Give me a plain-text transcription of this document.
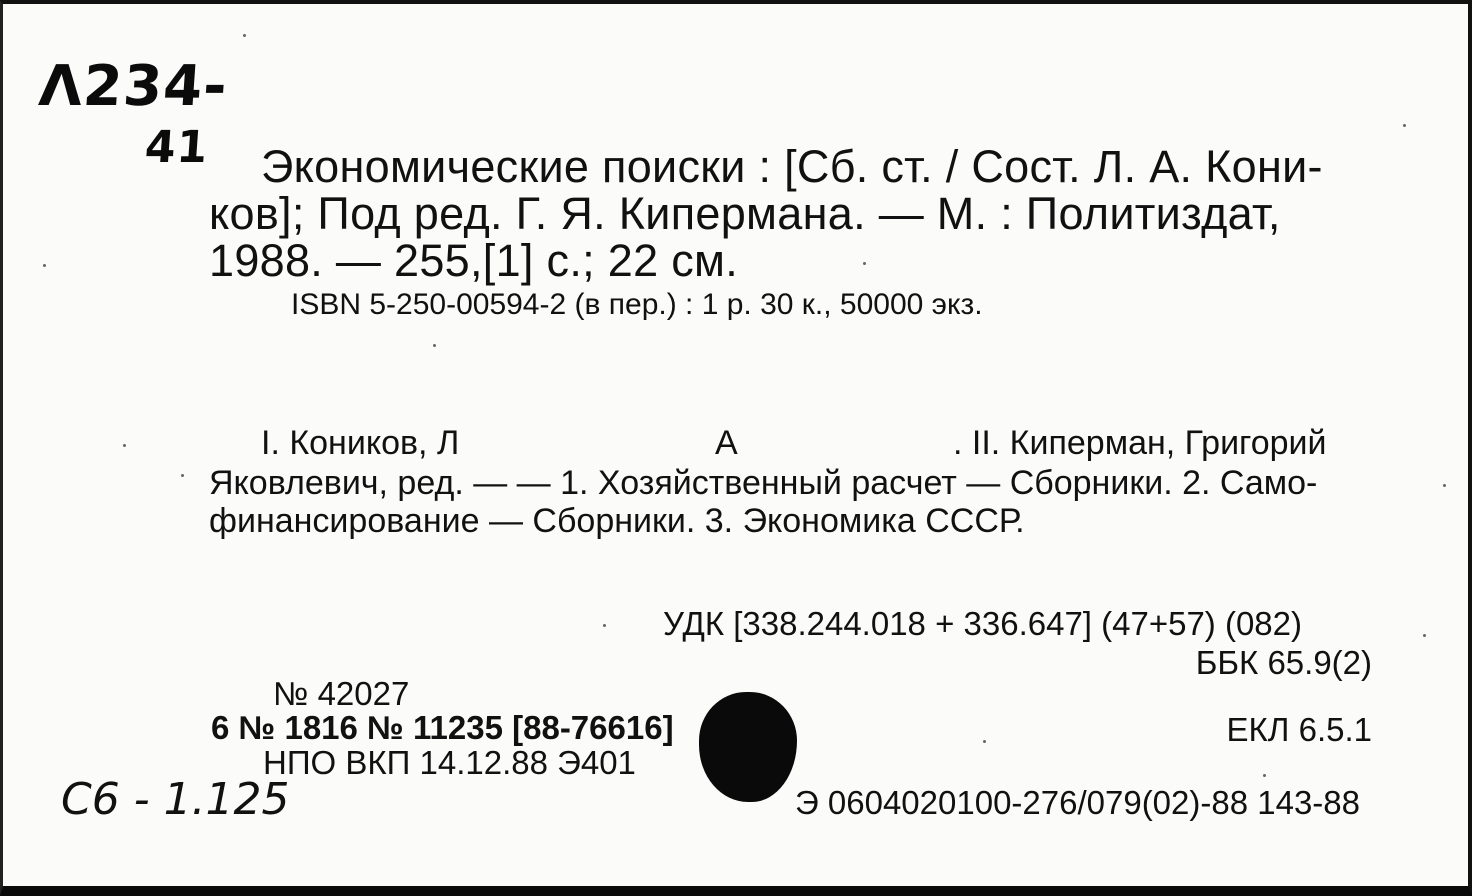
Λ234-
41 Экономические поиски : [Сб. ст. / Сост. Л. А. Кони-
ков]; Под ред. Г. Я. Кипермана. — М. : Политиздат,
1988. — 255,[1] с.; 22 см.
ISBN 5-250-00594-2 (в пер.) : 1 р. 30 к., 50000 экз.
I. Коников, Л	А	. II. Киперман, Григорий
Яковлевич, ред. — — 1. Хозяйственный расчет — Сборники. 2. Само-
финансирование — Сборники. 3. Экономика СССР.
УДК [338.244.018 + 336.647] (47+57) (082)
ББК 65.9(2)
№ 42027
6 № 1816 № 11235 [88-76616]
НПО ВКП 14.12.88 Э401
ЕКЛ 6.5.1
Э 0604020100-276/079(02)-88 143-88
С6 - 1.125
